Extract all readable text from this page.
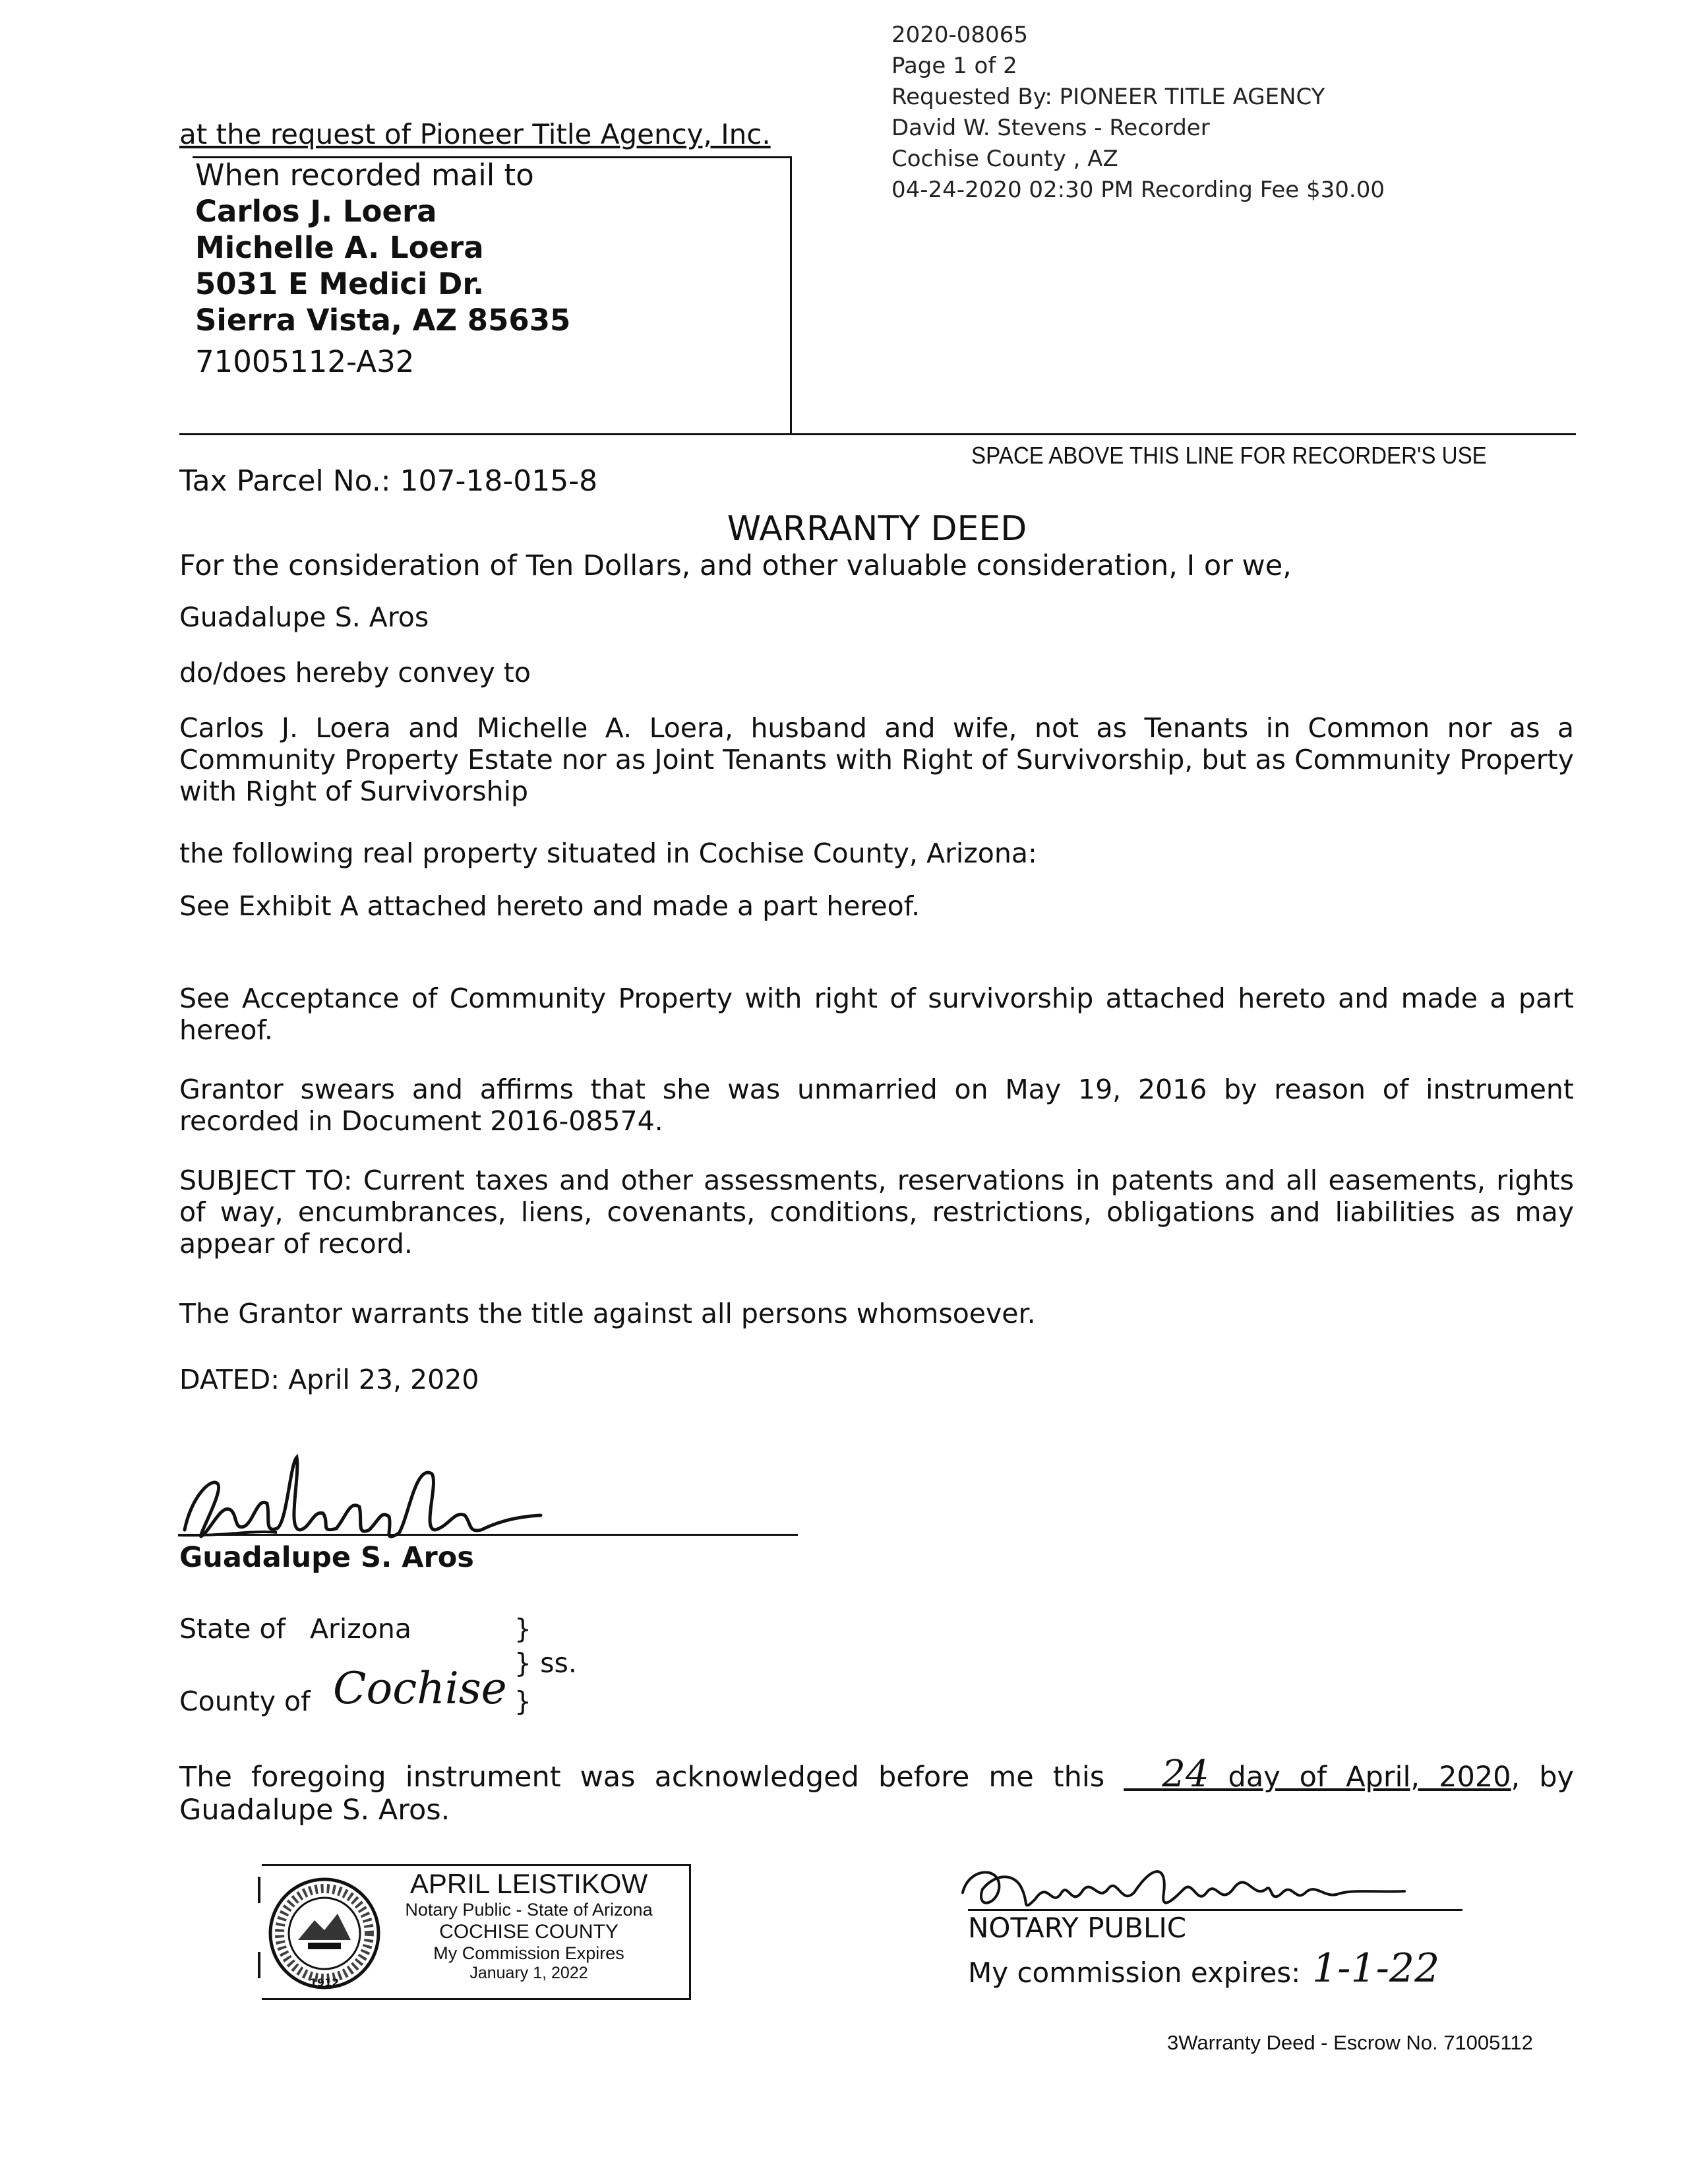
2020-08065
Page 1 of 2
Requested By: PIONEER TITLE AGENCY
David W. Stevens - Recorder
Cochise County , AZ
04-24-2020 02:30 PM Recording Fee $30.00
at the request of Pioneer Title Agency, Inc.
When recorded mail to
Carlos J. Loera
Michelle A. Loera
5031 E Medici Dr.
Sierra Vista, AZ 85635
71005112-A32
SPACE ABOVE THIS LINE FOR RECORDER'S USE
Tax Parcel No.: 107-18-015-8
WARRANTY DEED
For the consideration of Ten Dollars, and other valuable consideration, I or we,
Guadalupe S. Aros
do/does hereby convey to
Carlos J. Loera and Michelle A. Loera, husband and wife, not as Tenants in Common nor as a Community Property Estate nor as Joint Tenants with Right of Survivorship, but as Community Property with Right of Survivorship
the following real property situated in Cochise County, Arizona:
See Exhibit A attached hereto and made a part hereof.
See Acceptance of Community Property with right of survivorship attached hereto and made a part hereof.
Grantor swears and affirms that she was unmarried on May 19, 2016 by reason of instrument recorded in Document 2016-08574.
SUBJECT TO: Current taxes and other assessments, reservations in patents and all easements, rights of way, encumbrances, liens, covenants, conditions, restrictions, obligations and liabilities as may appear of record.
The Grantor warrants the title against all persons whomsoever.
DATED: April 23, 2020
Guadalupe S. Aros
State of Arizona	}
} ss.
County of Cochise }
The foregoing instrument was acknowledged before me this 24 day of April, 2020, by Guadalupe S. Aros.
1912
APRIL LEISTIKOW
Notary Public - State of Arizona
COCHISE COUNTY
My Commission Expires
January 1, 2022
NOTARY PUBLIC
My commission expires: 1-1-22
3Warranty Deed - Escrow No. 71005112
